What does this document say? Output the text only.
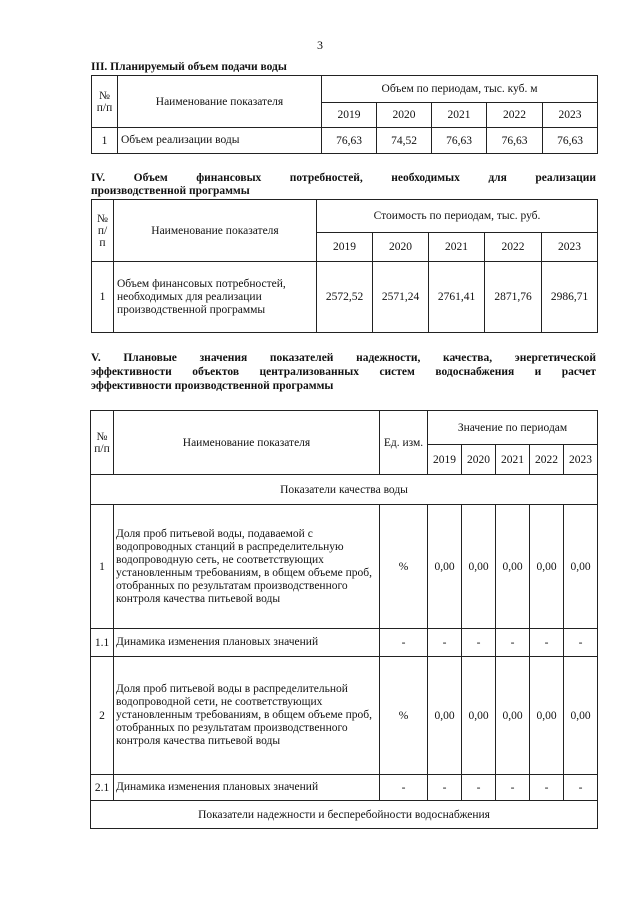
3
III. Планируемый объем подачи воды
№ п/п	Наименование показателя	Объем по периодам, тыс. куб. м				
		2019	2020	2021	2022	2023
1	Объем реализации воды	76,63	74,52	76,63	76,63	76,63
IV. Объем финансовых потребностей, необходимых для реализации
производственной программы
№ п/п	Наименование показателя	Стоимость по периодам, тыс. руб.				
		2019	2020	2021	2022	2023
1	Объем финансовых потребностей, необходимых для реализации производственной программы	2572,52	2571,24	2761,41	2871,76	2986,71
V. Плановые значения показателей надежности, качества, энергетической
эффективности объектов централизованных систем водоснабжения и расчет
эффективности производственной программы
№ п/п	Наименование показателя	Ед. изм.	Значение по периодам				
			2019	2020	2021	2022	2023
Показатели качества воды							
1	Доля проб питьевой воды, подаваемой с водопроводных станций в распределительную водопроводную сеть, не соответствующих установленным требованиям, в общем объеме проб, отобранных по результатам производственного контроля качества питьевой воды	%	0,00	0,00	0,00	0,00	0,00
1.1	Динамика изменения плановых значений	-	-	-	-	-	-
2	Доля проб питьевой воды в распределительной водопроводной сети, не соответствующих установленным требованиям, в общем объеме проб, отобранных по результатам производственного контроля качества питьевой воды	%	0,00	0,00	0,00	0,00	0,00
2.1	Динамика изменения плановых значений	-	-	-	-	-	-
Показатели надежности и бесперебойности водоснабжения							
